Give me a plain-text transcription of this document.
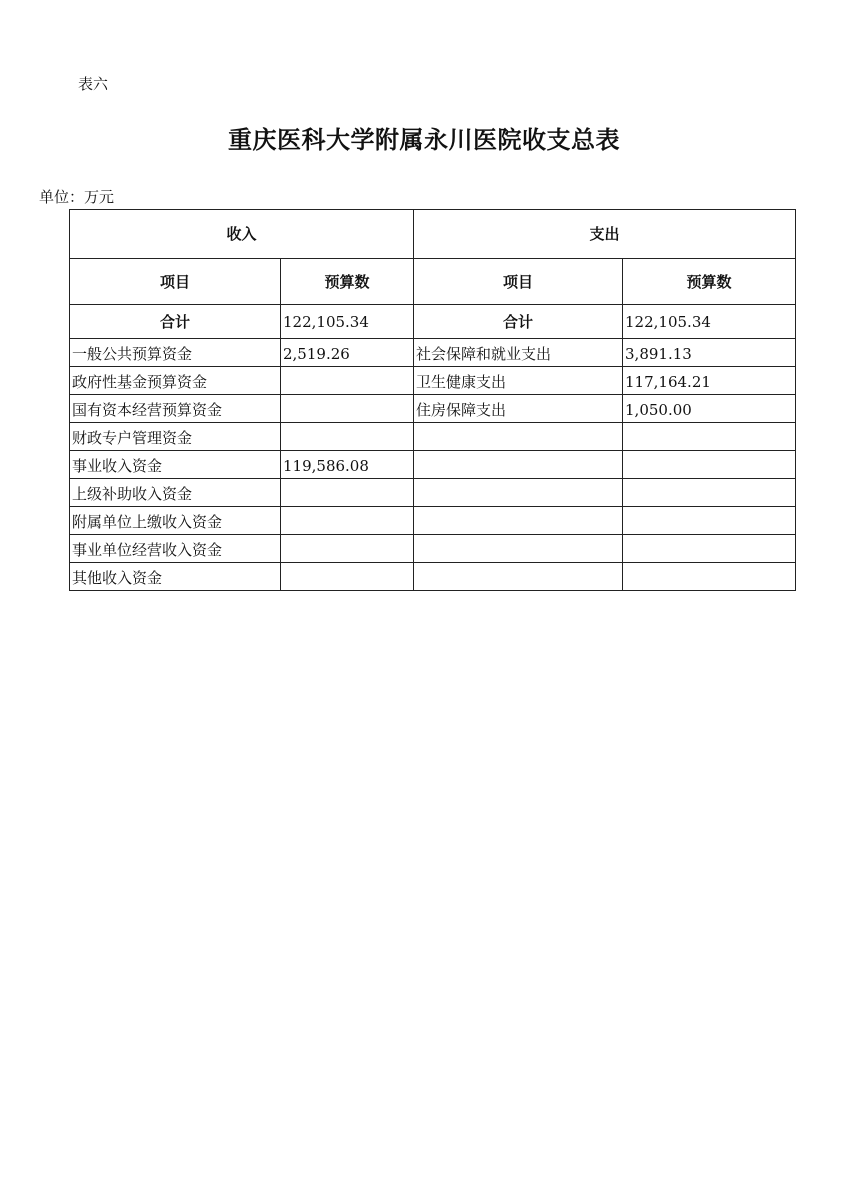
表六
重庆医科大学附属永川医院收支总表
单位：万元
收入		支出	
项目	预算数	项目	预算数
合计	122,105.34	合计	122,105.34
一般公共预算资金	2,519.26	社会保障和就业支出	3,891.13
政府性基金预算资金		卫生健康支出	117,164.21
国有资本经营预算资金		住房保障支出	1,050.00
财政专户管理资金			
事业收入资金	119,586.08		
上级补助收入资金			
附属单位上缴收入资金			
事业单位经营收入资金			
其他收入资金			
